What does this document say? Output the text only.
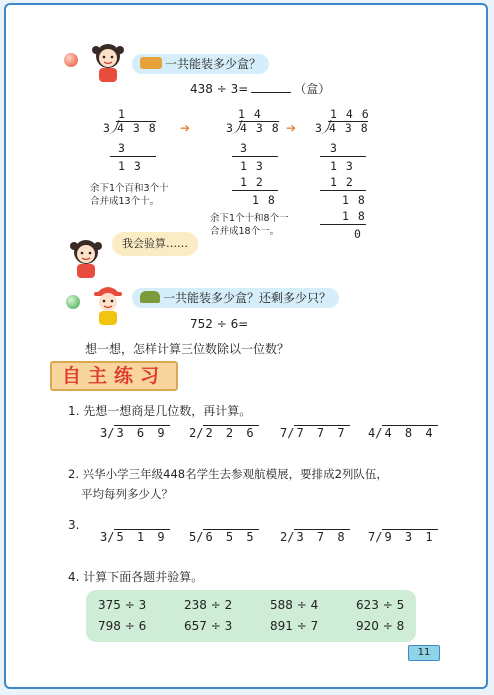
一共能装多少盒？
438 ÷ 3=	（盒）
1
3 4 3 8
3
1 3
余下1个百和3个十
合并成13个十。
➔
1 4
3 4 3 8
3
1 3
1 2
1 8
余下1个十和8个一
合并成18个一。
➔
1 4 6
3 4 3 8
3
1 3
1 2
1 8
1 8
0
我会验算……
一共能装多少盒？还剩多少只？
752 ÷ 6=
想一想，怎样计算三位数除以一位数？
自主练习
1. 先想一想商是几位数，再计算。
3/ 3 6 9 2/ 2 2 6 7/ 7 7 7 4/ 4 8 4
2. 兴华小学三年级448名学生去参观航模展，要排成2列队伍，
平均每列多少人？
3.
3/ 5 1 9 5/ 6 5 5 2/ 3 7 8 7/ 9 3 1
4. 计算下面各题并验算。
375 ÷ 3	238 ÷ 2	588 ÷ 4	623 ÷ 5
798 ÷ 6	657 ÷ 3	891 ÷ 7	920 ÷ 8
11
